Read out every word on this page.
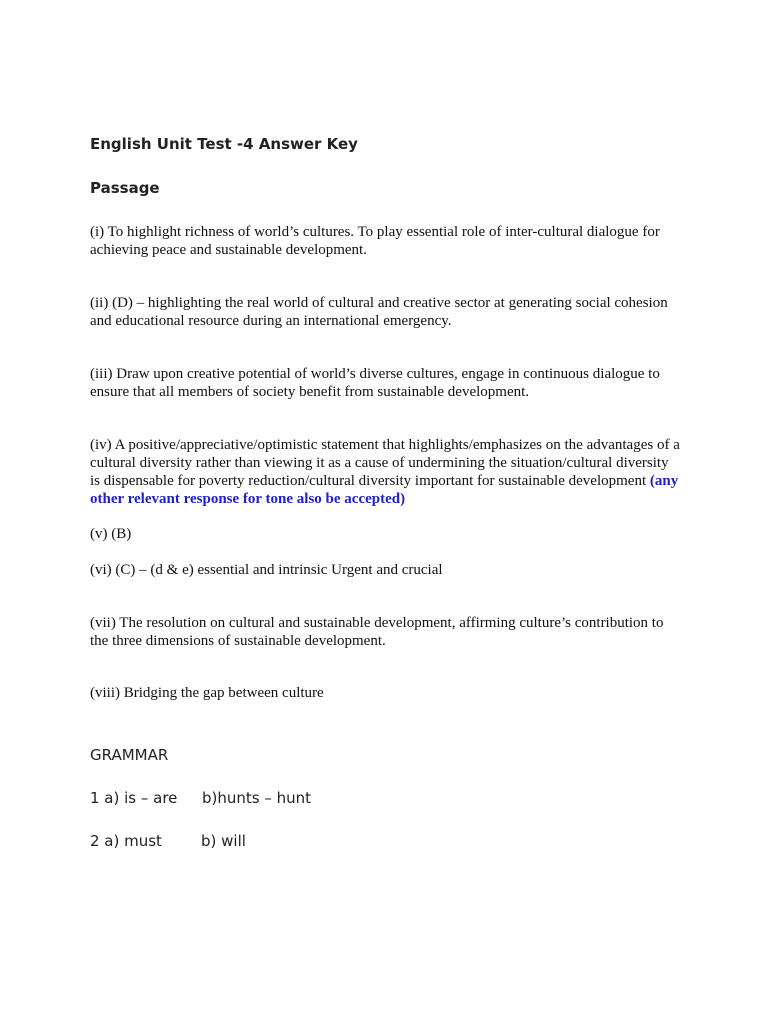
English Unit Test -4 Answer Key
Passage
(i) To highlight richness of world’s cultures. To play essential role of inter-cultural dialogue for achieving peace and sustainable development.
(ii) (D) – highlighting the real world of cultural and creative sector at generating social cohesion and educational resource during an international emergency.
(iii) Draw upon creative potential of world’s diverse cultures, engage in continuous dialogue to ensure that all members of society benefit from sustainable development.
(iv) A positive/appreciative/optimistic statement that highlights/emphasizes on the advantages of a cultural diversity rather than viewing it as a cause of undermining the situation/cultural diversity is dispensable for poverty reduction/cultural diversity important for sustainable development (any other relevant response for tone also be accepted)
(v) (B)
(vi) (C) – (d & e) essential and intrinsic Urgent and crucial
(vii) The resolution on cultural and sustainable development, affirming culture’s contribution to the three dimensions of sustainable development.
(viii) Bridging the gap between culture
GRAMMAR
1 a) is – are b)hunts – hunt
2 a) must	b) will
